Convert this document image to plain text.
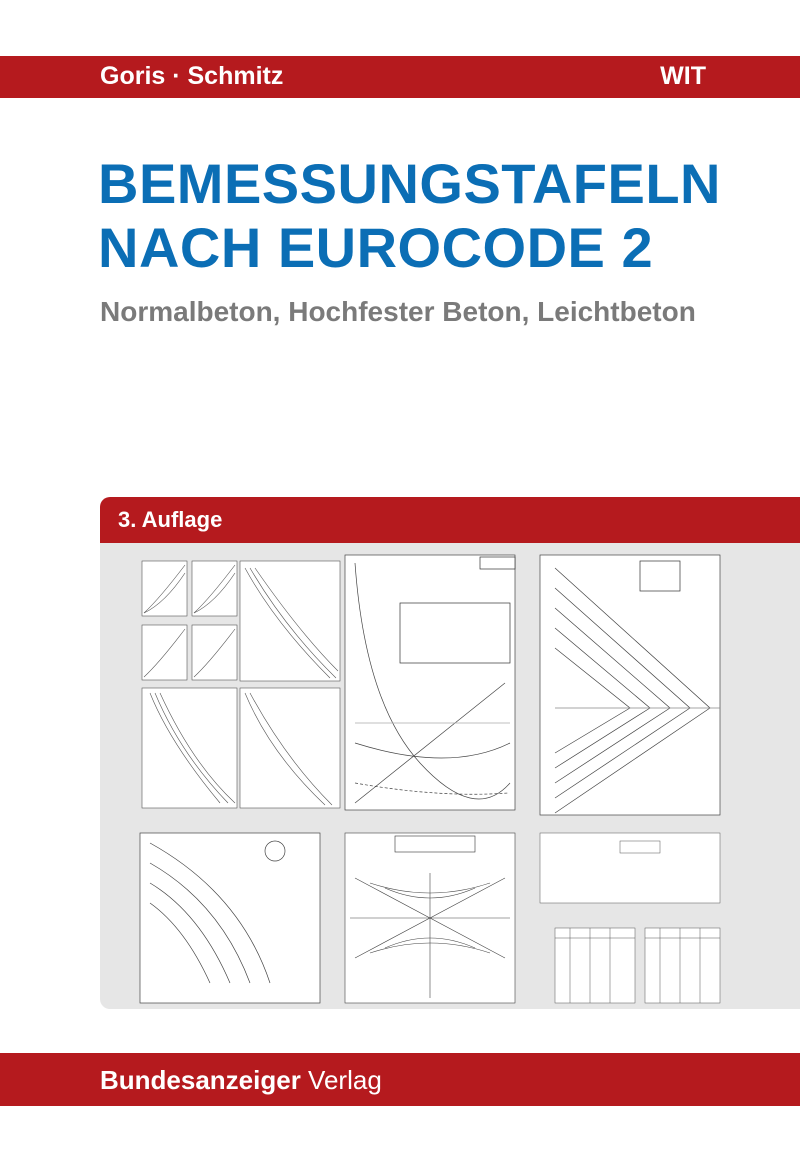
Goris · Schmitz	WIT
BEMESSUNGSTAFELN
NACH EUROCODE 2
Normalbeton, Hochfester Beton, Leichtbeton
3. Auflage
Bundesanzeiger Verlag
